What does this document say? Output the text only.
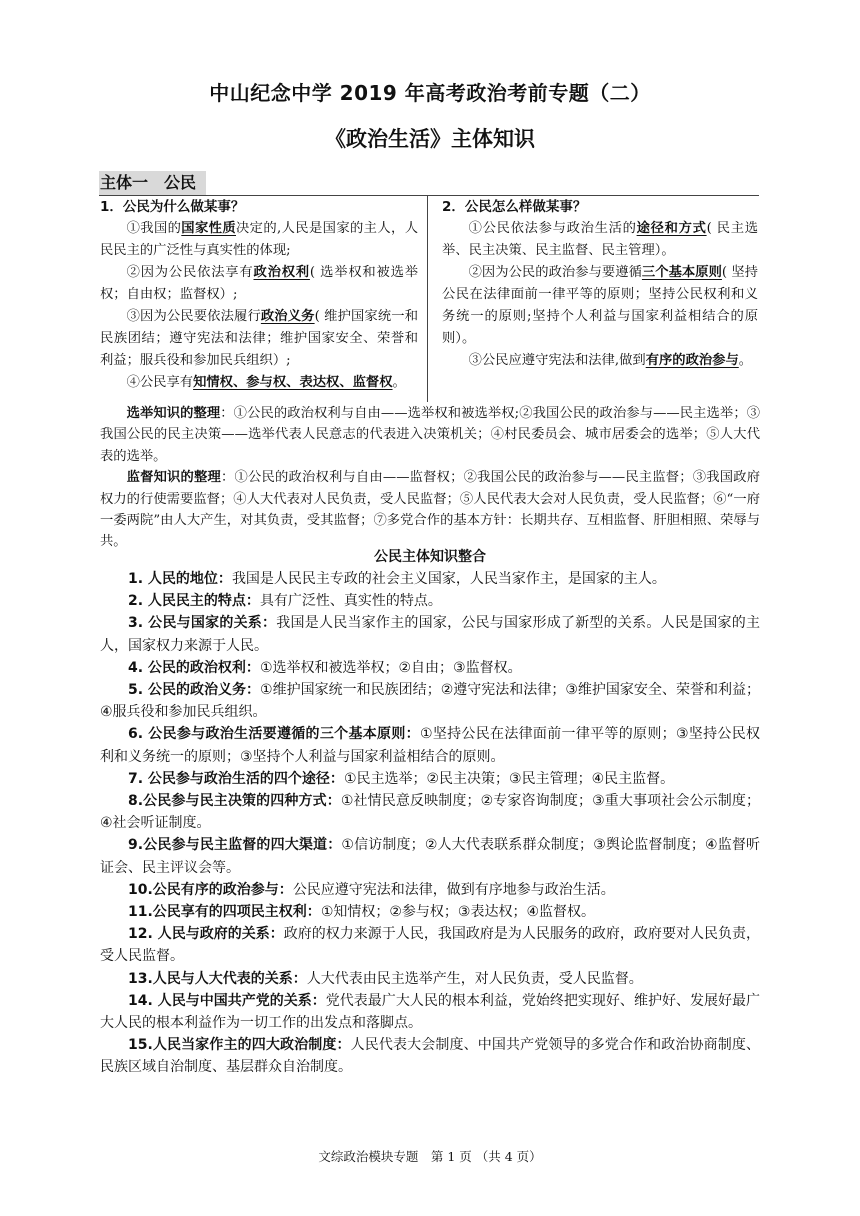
中山纪念中学 2019 年高考政治考前专题（二）
《政治生活》主体知识
主体一　公民

1．公民为什么做某事？

①我国的国家性质决定的,人民是国家的主人，人民民主的广泛性与真实性的体现;

②因为公民依法享有政治权利( 选举权和被选举权；自由权；监督权）;

③因为公民要依法履行政治义务( 维护国家统一和民族团结；遵守宪法和法律；维护国家安全、荣誉和利益；服兵役和参加民兵组织）;

④公民享有知情权、参与权、表达权、监督权。

2．公民怎么样做某事？

①公民依法参与政治生活的途径和方式( 民主选举、民主决策、民主监督、民主管理）。

②因为公民的政治参与要遵循三个基本原则( 坚持公民在法律面前一律平等的原则；坚持公民权利和义务统一的原则;坚持个人利益与国家利益相结合的原则）。

③公民应遵守宪法和法律,做到有序的政治参与。

选举知识的整理：①公民的政治权利与自由——选举权和被选举权;②我国公民的政治参与——民主选举；③我国公民的民主决策——选举代表人民意志的代表进入决策机关；④村民委员会、城市居委会的选举；⑤人大代表的选举。

监督知识的整理：①公民的政治权利与自由——监督权；②我国公民的政治参与——民主监督；③我国政府权力的行使需要监督；④人大代表对人民负责，受人民监督；⑤人民代表大会对人民负责，受人民监督；⑥“一府一委两院”由人大产生，对其负责，受其监督；⑦多党合作的基本方针：长期共存、互相监督、肝胆相照、荣辱与共。

公民主体知识整合

1. 人民的地位：我国是人民民主专政的社会主义国家，人民当家作主，是国家的主人。

2. 人民民主的特点：具有广泛性、真实性的特点。

3. 公民与国家的关系：我国是人民当家作主的国家，公民与国家形成了新型的关系。人民是国家的主人，国家权力来源于人民。

4. 公民的政治权利：①选举权和被选举权；②自由；③监督权。

5. 公民的政治义务：①维护国家统一和民族团结；②遵守宪法和法律；③维护国家安全、荣誉和利益；④服兵役和参加民兵组织。

6. 公民参与政治生活要遵循的三个基本原则：①坚持公民在法律面前一律平等的原则；③坚持公民权利和义务统一的原则；③坚持个人利益与国家利益相结合的原则。

7. 公民参与政治生活的四个途径：①民主选举；②民主决策；③民主管理；④民主监督。

8.公民参与民主决策的四种方式：①社情民意反映制度；②专家咨询制度；③重大事项社会公示制度；④社会听证制度。

9.公民参与民主监督的四大渠道：①信访制度；②人大代表联系群众制度；③舆论监督制度；④监督听证会、民主评议会等。

10.公民有序的政治参与：公民应遵守宪法和法律，做到有序地参与政治生活。

11.公民享有的四项民主权利：①知情权；②参与权；③表达权；④监督权。

12. 人民与政府的关系：政府的权力来源于人民，我国政府是为人民服务的政府，政府要对人民负责，受人民监督。

13.人民与人大代表的关系：人大代表由民主选举产生，对人民负责，受人民监督。

14. 人民与中国共产党的关系：党代表最广大人民的根本利益，党始终把实现好、维护好、发展好最广大人民的根本利益作为一切工作的出发点和落脚点。

15.人民当家作主的四大政治制度：人民代表大会制度、中国共产党领导的多党合作和政治协商制度、民族区域自治制度、基层群众自治制度。

文综政治模块专题　第 1 页 （共 4 页）
